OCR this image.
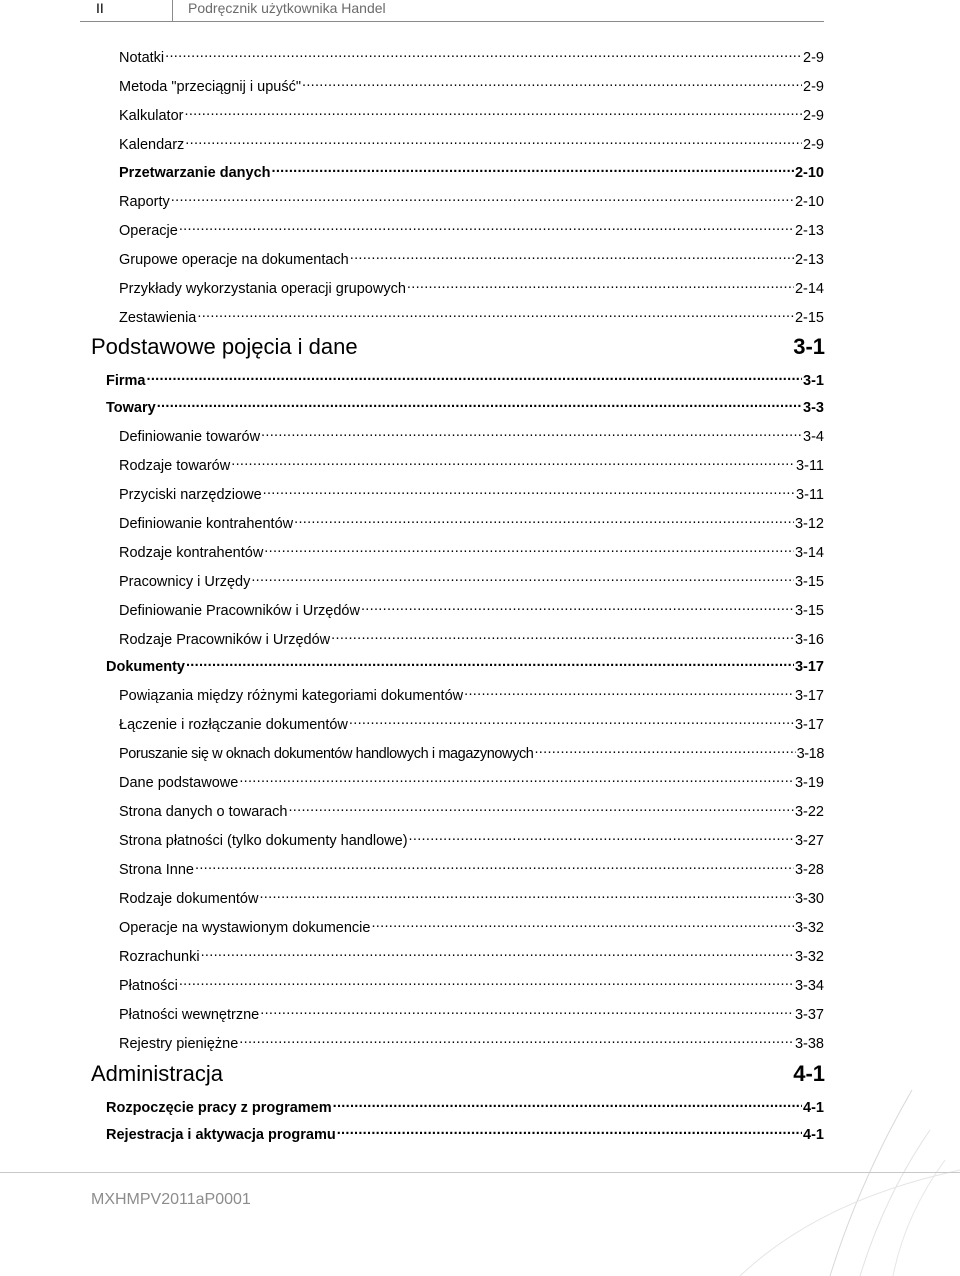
II	Podręcznik użytkownika Handel
Notatki .....	2-9
Metoda "przeciągnij i upuść" .....	2-9
Kalkulator .....	2-9
Kalendarz .....	2-9
Przetwarzanie danych .....	2-10
Raporty .....	2-10
Operacje .....	2-13
Grupowe operacje na dokumentach .....	2-13
Przykłady wykorzystania operacji grupowych .....	2-14
Zestawienia .....	2-15
Podstawowe pojęcia i dane	3-1
Firma .....	3-1
Towary .....	3-3
Definiowanie towarów .....	3-4
Rodzaje towarów .....	3-11
Przyciski narzędziowe .....	3-11
Definiowanie kontrahentów .....	3-12
Rodzaje kontrahentów .....	3-14
Pracownicy i Urzędy .....	3-15
Definiowanie Pracowników i Urzędów .....	3-15
Rodzaje Pracowników i Urzędów .....	3-16
Dokumenty .....	3-17
Powiązania między różnymi kategoriami dokumentów .....	3-17
Łączenie i rozłączanie dokumentów .....	3-17
Poruszanie się w oknach dokumentów handlowych i magazynowych .....	3-18
Dane podstawowe .....	3-19
Strona danych o towarach .....	3-22
Strona płatności (tylko dokumenty handlowe) .....	3-27
Strona Inne .....	3-28
Rodzaje dokumentów .....	3-30
Operacje na wystawionym dokumencie .....	3-32
Rozrachunki .....	3-32
Płatności .....	3-34
Płatności wewnętrzne .....	3-37
Rejestry pieniężne .....	3-38
Administracja	4-1
Rozpoczęcie pracy z programem .....	4-1
Rejestracja i aktywacja programu .....	4-1
MXHMPV2011aP0001
